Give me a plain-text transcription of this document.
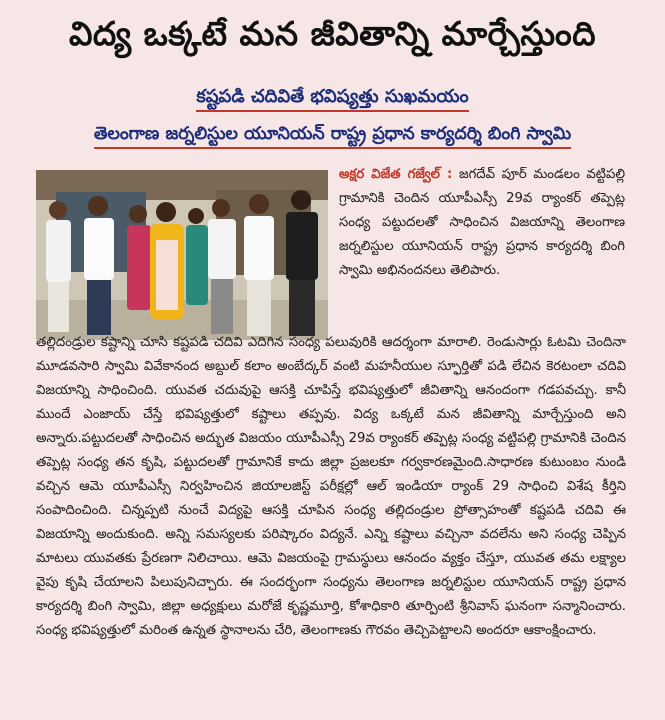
విద్య ఒక్కటే మన జీవితాన్ని మార్చేస్తుంది
కష్టపడి చదివితే భవిష్యత్తు సుఖమయం
తెలంగాణ జర్నలిస్టుల యూనియన్ రాష్ట్ర ప్రధాన కార్యదర్శి బింగి స్వామి

అక్షర విజేత గజ్వేల్ : జగదేవ్ పూర్ మండలం వట్టిపల్లి గ్రామానికి చెందిన యూపీఎస్సీ 29వ ర్యాంకర్ తప్పెట్ల సంధ్య పట్టుదలతో సాధించిన విజయాన్ని తెలంగాణ జర్నలిస్టుల యూనియన్ రాష్ట్ర ప్రధాన కార్యదర్శి బింగి స్వామి అభినందనలు తెలిపారు.

తల్లిదండ్రుల కష్టాన్ని చూసి కష్టపడి చదివి ఎదిగిన సంధ్య పలువురికి ఆదర్శంగా మారాలి. రెండుసార్లు ఓటమి చెందినా మూడవసారి స్వామి వివేకానంద అబ్దుల్ కలాం అంబేద్కర్ వంటి మహనీయుల స్ఫూర్తితో పడి లేచిన కెరటంలా చదివి విజయాన్ని సాధించింది. యువత చదువుపై ఆసక్తి చూపిస్తే భవిష్యత్తులో జీవితాన్ని ఆనందంగా గడపవచ్చు. కానీ ముందే ఎంజాయ్ చేస్తే భవిష్యత్తులో కష్టాలు తప్పవు. విద్య ఒక్కటే మన జీవితాన్ని మార్చేస్తుంది అని అన్నారు.పట్టుదలతో సాధించిన అద్భుత విజయం యూపీఎస్సీ 29వ ర్యాంకర్ తప్పెట్ల సంధ్య వట్టిపల్లి గ్రామానికి చెందిన తప్పెట్ల సంధ్య తన కృషి, పట్టుదలతో గ్రామానికే కాదు జిల్లా ప్రజలకూ గర్వకారణమైంది.సాధారణ కుటుంబం నుండి వచ్చిన ఆమె యూపీఎస్సీ నిర్వహించిన జియాలజిస్ట్ పరీక్షల్లో ఆల్ ఇండియా ర్యాంక్ 29 సాధించి విశేష కీర్తిని సంపాదించింది. చిన్నప్పటి నుంచే విద్యపై ఆసక్తి చూపిన సంధ్య తల్లిదండ్రుల ప్రోత్సాహంతో కష్టపడి చదివి ఈ విజయాన్ని అందుకుంది. అన్ని సమస్యలకు పరిష్కారం విద్యనే. ఎన్ని కష్టాలు వచ్చినా వదలేను అని సంధ్య చెప్పిన మాటలు యువతకు ప్రేరణగా నిలిచాయి. ఆమె విజయంపై గ్రామస్థులు ఆనందం వ్యక్తం చేస్తూ, యువత తమ లక్ష్యాల వైపు కృషి చేయాలని పిలుపునిచ్చారు. ఈ సందర్భంగా సంధ్యను తెలంగాణ జర్నలిస్టుల యూనియన్ రాష్ట్ర ప్రధాన కార్యదర్శి బింగి స్వామి, జిల్లా అధ్యక్షులు మరోజే కృష్ణమూర్తి, కోశాధికారి తూర్పింటి శ్రీనివాస్ ఘనంగా సన్మానించారు. సంధ్య భవిష్యత్తులో మరింత ఉన్నత స్థానాలను చేరి, తెలంగాణకు గౌరవం తెచ్చిపెట్టాలని అందరూ ఆకాంక్షించారు.
